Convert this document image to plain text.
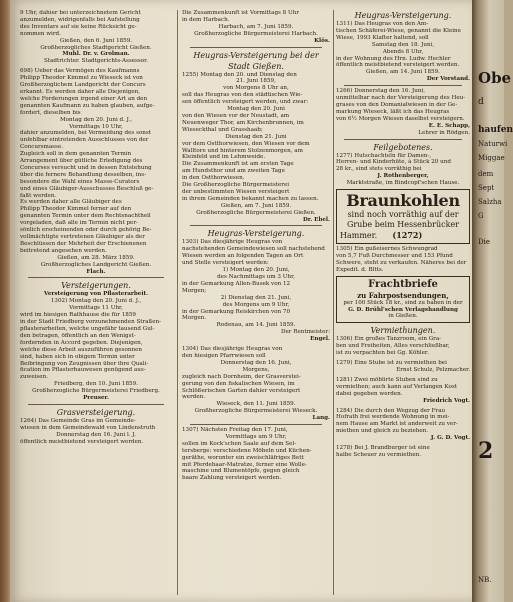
9 Uhr, dahier bei unterzeichnetem Gericht
anzumelden, widrigenfalls bei Aufstellung
des Inventars auf sie keine Rücksicht ge-
nommen wird.
Gießen, den 6. Juni 1859.
Großherzogliches Stadtgericht Gießen.
Muhl. Dr. v. Grolman.
Stadtrichter. Stadtgerichts-Assessor.
698) Ueber das Vermögen des Kaufmanns
Philipp Theodor Kimmel zu Wieseck ist von
Großherzoglichem Landgericht der Concurs
erkannt. Es werden daher alle Diejenigen,
welche Forderungen irgend einer Art an den
genannten Kaufmann zu haben glauben, aufge-
fordert, dieselben bis
Montag den 20. Juni d. J.,
Vormittags 10 Uhr,
dahier anzumelden, bei Vermeidung des sonst
unfehlbar eintretenden Ausschlusses von der
Concursmasse.
Zugleich soll in dem genannten Termin
Arrangement über gütliche Erledigung des
Concurses versucht und in dessen Entstehung
über die fernere Behandlung desselben, ins-
besondere die Wahl eines Masse-Curators
und eines Gläubiger-Ausschusses Beschluß ge-
faßt werden.
Es werden daher alle Gläubiger des
Philipp Theodor Kimmel ferner auf den
genannten Termin unter dem Rechtsnachtheil
vorgeladen, daß alle im Termin nicht per-
sönlich erscheinenden oder durch gehörig Be-
vollmächtigte vertretenen Gläubiger als der
Beschlüssen der Mehrheit der Erschienenen
beitretend angesehen werden.
Gießen, am 28. März 1859.
Großherzogliches Landgericht Gießen.
Flach.
Versteigerungen.
Versteigerung von Pflasterarbeit.
1302) Montag den 20. Juni d. J.,
Vormittags 11 Uhr,
wird im hiesigen Rathhause die für 1859
in der Stadt Friedberg vorzunehmenden Straßen-
pflasterarbeiten, welche ungefähr tausend Gul-
den betragen, öffentlich an den Wenigst-
fordernden in Accord gegeben. Diejenigen,
welche diese Arbeit auszuführen gesonnen
sind, haben sich in obigem Termin unter
Beibringung von Zeugnissen über ihre Quali-
fication im Pflasterbauwesen genügend aus-
zuweisen.
Friedberg, den 10. Juni 1859.
Großherzogliche Bürgermeisterei Friedberg.
Preuser.
Grasversteigerung.
1264) Das Gemeinde Gras im Gemeinde-
wiesen in dem Gemeindewald von Lindenstruth
Donnerstag den 16. Juni l. J.
öffentlich meistbietend versteigert werden.
Die Zusammenkunft ist Vormittags 8 Uhr
in dem Harbach.
Harbach, am 7. Juni 1859.
Großherzogliche Bürgermeisterei Harbach.
Klös.
Heugras-Versteigerung bei der
Stadt Gießen.
1255) Montag den 20. und Dienstag den
21. Juni 1859,
von Morgens 8 Uhr an,
soll das Heugras von den städtischen Wie-
sen öffentlich versteigert werden, und zwar:
Montag den 20. Juni
von den Wiesen vor der Neustadt, am
Neuenweger Thor, am Kirchenbrunnen, im
Wieseckthal und Grasshaab;
Dienstag den 21. Juni
vor dem Ostthorwiesen, den Wiesen vor dem
Walltore und hinterem Stolzenmorgen, am
Kleinfeld und im Lehmweide.
Die Zusammenkunft ist am ersten Tage
am Hundsthor und am zweiten Tage
in den Ostthorwiesen.
Die Großherzogliche Bürgermeisterei
der unbestimmten Wiesen versteigert
in ihrem Gemeinden bekannt machen zu lassen.
Gießen, am 7. Juni 1859.
Großherzogliche Bürgermeisterei Gießen.
Dr. Ebel.
Heugras-Versteigerung.
1303) Das diesjährige Heugras von
nachstehenden Gemeindewiesen soll nachstehend
Wiesen werden an folgenden Tagen an Ort
und Stelle versteigert werden:
1) Montag den 20. Juni,
des Nachmittags um 3 Uhr,
in der Gemarkung Allen-Busek von 12
Morgen;
2) Dienstag den 21. Juni,
des Morgens um 9 Uhr,
in der Gemarkung Reiskirchen von 70
Morgen.
Rodenau, am 14. Juni 1859.
Der Rentmeister:
Engel.
1304) Das diesjährige Heugras von
den hiesigen Pfarrwiesen soll
Donnerstag den 16. Juni,
Morgens,
zugleich nach Dornheim, der Grasverstei-
gerung von den fiskalischen Wiesen, im
Schlößerischen Garten dahier versteigert
werden.
Wieseck, den 11. Juni 1859.
Großherzogliche Bürgermeisterei Wieseck.
Lang.
1307) Nächsten Freitag den 17. Juni,
Vormittags um 9 Uhr,
sollen im Kock'schen Saale auf dem Sel-
tersberge: verschiedene Möbeln und Küchen-
geräthe, worunter ein zweischläfriges Bett
mit Pferdehaar-Matratze, ferner eine Wolle-
maschine und Blumentöpfe, gegen gleich
baare Zahlung versteigert werden.
Heugras-Versteigerung.
1311) Das Heugras von den Am-
tischen Schäferei-Wiese, genannt die Kleine
Wiese, 1993 Klafter haltend, soll
Samstag den 18. Juni,
Abends 8 Uhr,
in der Wohnung des Hrn. Ludw. Hechler
öffentlich meistbietend versteigert werden.
Gießen, am 14. Juni 1859.
Der Vorstand.
1266) Donnerstag den 16. Juni,
unmittelbar nach der Versteigerung des Heu-
grases von den Domanialwiesen in der Ge-
markung Wieseck, läßt ich das Heugras
von 6½ Morgen Wiesen daselbst versteigern.
E. E. Schapp,
Lehrer in Rödgen.
Feilgebotenes.
1277) Hutschachteln für Damen-,
Herren- und Kinderhüte, à Stück 20 und
28 kr., sind stets vorräthig bei
J. Rothenberger,
Marktstraße, im Bindcopf'schen Hause.
Braunkohlen
sind noch vorräthig auf der
Grube beim Hessenbrücker
Hammer. (1272)
1305) Ein gußeisernes Schwungrad
von 5,7 Fuß Durchmesser und 153 Pfund
Schwere, steht zu verkaufen. Näheres bei der
Expedit. d. Bltts.
Frachtbriefe
zu Fahrpostsendungen,
per 100 Stück 18 kr., sind zu haben in der
G. D. Brühl'schen Verlagshandlung
in Gießen.
Vermiethungen.
1306) Ein großes Tanzroom, ein Gra-
ben und Freiheiten, Alles verschließbar,
ist zu verpachten bei Gg. Köhler.
1279) Eine Stube ist zu vermiethen bei
Ernst Schulz, Pelzmacher.
1281) Zwei möblirte Stuben sind zu
vermiethen; auch kann auf Verlangen Kost
dabei gegeben werden.
Friedrich Vogt.
1284) Die durch den Wegzug der Frau
Hofrath frei werdende Wohnung in mei-
nem Hause am Markt ist anderweit zu ver-
miethen und gleich zu beziehen.
J. G. D. Vogt.
1278) Bei J. Brandburger ist eine
halbe Scheuer zu vermiethen.
Obe
d
haufen
Naturwi
Miggae
dem
Sept
Salzha
G
Die
2
NB.
